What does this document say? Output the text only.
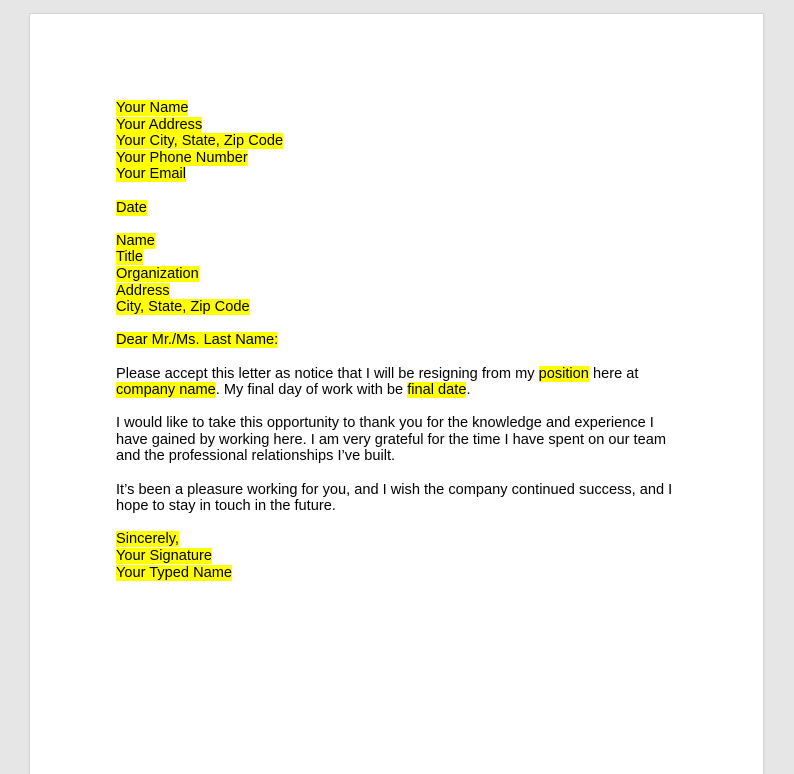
Your Name
Your Address
Your City, State, Zip Code
Your Phone Number
Your Email
Date
Name
Title
Organization
Address
City, State, Zip Code
Dear Mr./Ms. Last Name:

Please accept this letter as notice that I will be resigning from my position here at company name. My final day of work with be final date.

I would like to take this opportunity to thank you for the knowledge and experience I have gained by working here. I am very grateful for the time I have spent on our team and the professional relationships I’ve built.

It’s been a pleasure working for you, and I wish the company continued success, and I hope to stay in touch in the future.

Sincerely,
Your Signature
Your Typed Name
